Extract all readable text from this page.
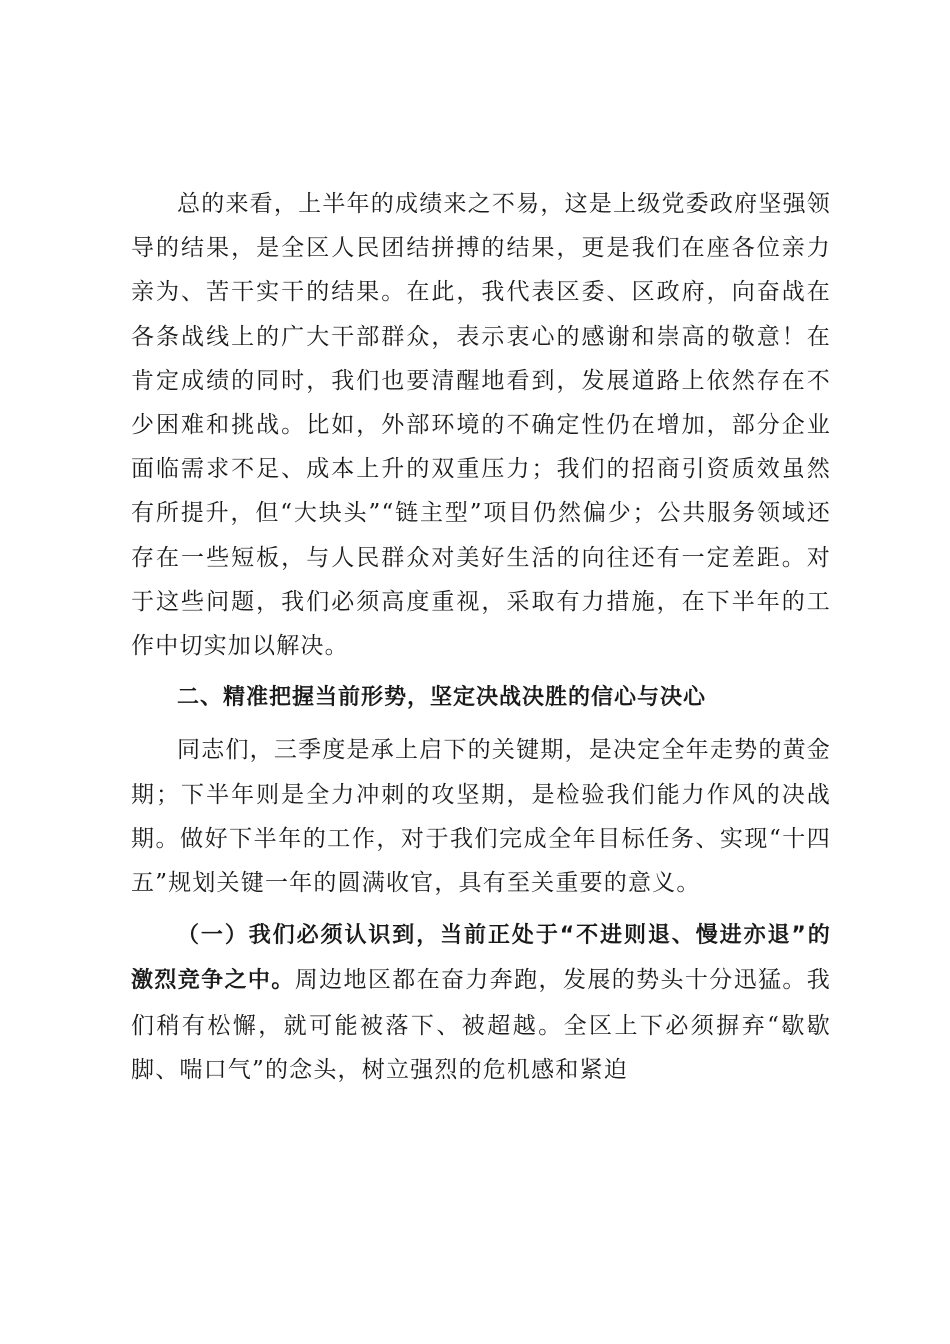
总的来看，上半年的成绩来之不易，这是上级党委政府坚强领导的结果，是全区人民团结拼搏的结果，更是我们在座各位亲力亲为、苦干实干的结果。在此，我代表区委、区政府，向奋战在各条战线上的广大干部群众，表示衷心的感谢和崇高的敬意！在肯定成绩的同时，我们也要清醒地看到，发展道路上依然存在不少困难和挑战。比如，外部环境的不确定性仍在增加，部分企业面临需求不足、成本上升的双重压力；我们的招商引资质效虽然有所提升，但“大块头”“链主型”项目仍然偏少；公共服务领域还存在一些短板，与人民群众对美好生活的向往还有一定差距。对于这些问题，我们必须高度重视，采取有力措施，在下半年的工作中切实加以解决。

二、精准把握当前形势，坚定决战决胜的信心与决心

同志们，三季度是承上启下的关键期，是决定全年走势的黄金期；下半年则是全力冲刺的攻坚期，是检验我们能力作风的决战期。做好下半年的工作，对于我们完成全年目标任务、实现“十四五”规划关键一年的圆满收官，具有至关重要的意义。

（一）我们必须认识到，当前正处于“不进则退、慢进亦退”的激烈竞争之中。周边地区都在奋力奔跑，发展的势头十分迅猛。我们稍有松懈，就可能被落下、被超越。全区上下必须摒弃“歇歇脚、喘口气”的念头，树立强烈的危机感和紧迫
